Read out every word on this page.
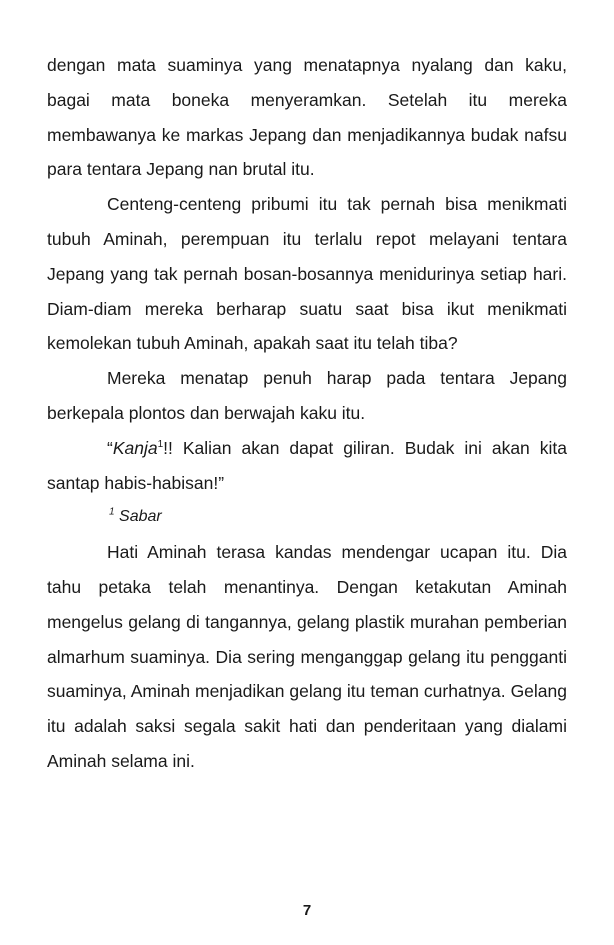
dengan mata suaminya yang menatapnya nyalang dan kaku, bagai mata boneka menyeramkan. Setelah itu mereka membawanya ke markas Jepang dan menjadikannya budak nafsu para tentara Jepang nan brutal itu.

Centeng-centeng pribumi itu tak pernah bisa menikmati tubuh Aminah, perempuan itu terlalu repot melayani tentara Jepang yang tak pernah bosan-bosannya menidurinya setiap hari. Diam-diam mereka berharap suatu saat bisa ikut menikmati kemolekan tubuh Aminah, apakah saat itu telah tiba?

Mereka menatap penuh harap pada tentara Jepang berkepala plontos dan berwajah kaku itu.

“Kanja$^1$!! Kalian akan dapat giliran. Budak ini akan kita santap habis-habisan!”

$^1$ Sabar

Hati Aminah terasa kandas mendengar ucapan itu. Dia tahu petaka telah menantinya. Dengan ketakutan Aminah mengelus gelang di tangannya, gelang plastik murahan pemberian almarhum suaminya. Dia sering menganggap gelang itu pengganti suaminya, Aminah menjadikan gelang itu teman curhatnya. Gelang itu adalah saksi segala sakit hati dan penderitaan yang dialami Aminah selama ini.

7
